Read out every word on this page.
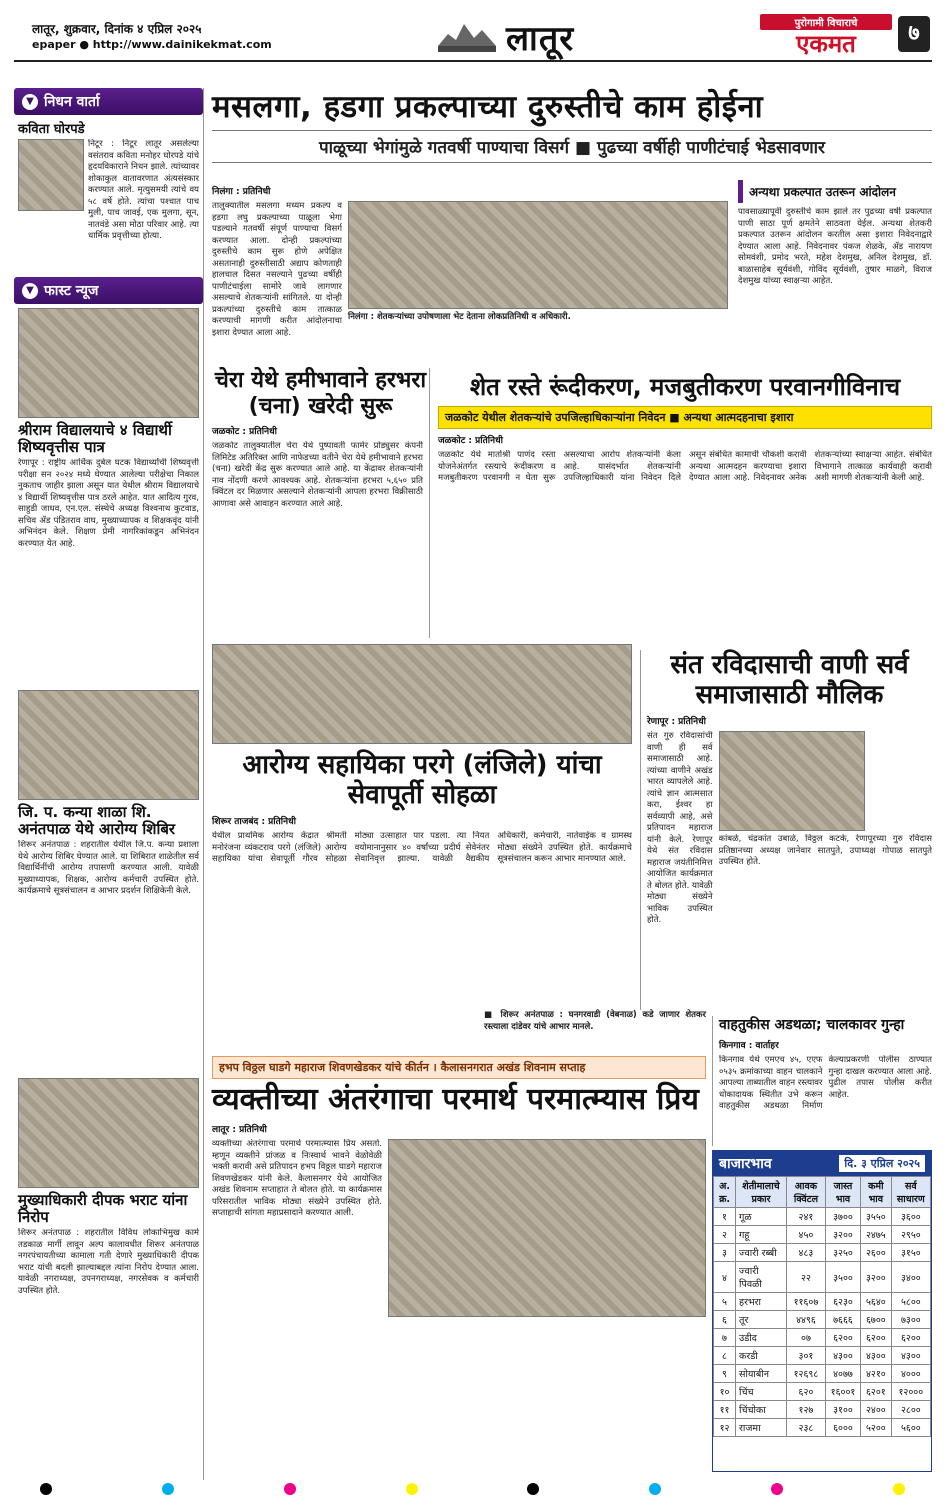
लातूर, शुक्रवार, दिनांक ४ एप्रिल २०२५
epaper ● http://www.dainikekmat.com	लातूर	पुरोगामी विचाराचे
एकमत	७
▼ निधन वार्ता
कविता घोरपडे
निटूर : निटूर लातूर असलेल्या वसंतराव कविता मनोहर घोरपडे यांचे हृदयविकाराने निधन झाले. त्यांच्यावर शोकाकुल वातावरणात अंत्यसंस्कार करण्यात आले. मृत्युसमयी त्यांचे वय ५८ वर्षे होते. त्यांचा पश्चात पाच मुली, पाच जावई, एक मुलगा, सून, नातवंडे असा मोठा परिवार आहे. त्या धार्मिक प्रवृत्तीच्या होत्या.
▼ फास्ट न्यूज
श्रीराम विद्यालयाचे ४ विद्यार्थी शिष्यवृत्तीस पात्र
रेणापूर : राष्ट्रीय आर्थिक दुर्बल घटक विद्यार्थ्यांची शिष्यवृत्ती परीक्षा सन २०२४ मध्ये घेण्यात आलेल्या परीक्षेचा निकाल नुकताच जाहीर झाला असून यात येथील श्रीराम विद्यालयाचे ४ विद्यार्थी शिष्यवृत्तीस पात्र ठरले आहेत. यात आदित्य गुरव, साहुडी जाधव, एन.एल. संस्थेचे अध्यक्ष विश्वनाथ कुटवाड, सचिव ॲड पंडितराव वाघ, मुख्याध्यापक व शिक्षकवृंद यांनी अभिनंदन केले. शिक्षण प्रेमी नागरिकांकडून अभिनंदन करण्यात येत आहे.
जि. प. कन्या शाळा शि. अनंतपाळ येथे आरोग्य शिबिर
शिरूर अनंतपाळ : शहरातील येथील जि.प. कन्या प्रशाला येथे आरोग्य शिबिर घेण्यात आले. या शिबिरात शाळेतील सर्व विद्यार्थिनींची आरोग्य तपासणी करण्यात आली. यावेळी मुख्याध्यापक, शिक्षक, आरोग्य कर्मचारी उपस्थित होते. कार्यक्रमाचे सूत्रसंचालन व आभार प्रदर्शन शिक्षिकेनी केले.
मुख्याधिकारी दीपक भराट यांना निरोप
शिरूर अनंतपाळ : शहरातील विविध लोकाभिमुख कामे तडकाळ मार्गी लावून अल्प कालावधीत शिरूर अनंतपाळ नगरपंचायतीच्या कामाला गती देणारे मुख्याधिकारी दीपक भराट यांची बदली झाल्याबद्दल त्यांना निरोप देण्यात आला. यावेळी नगराध्यक्ष, उपनगराध्यक्ष, नगरसेवक व कर्मचारी उपस्थित होते.
मसलगा, हडगा प्रकल्पाच्या दुरुस्तीचे काम होईना
पाळूच्या भेगांमुळे गतवर्षी पाण्याचा विसर्ग ■ पुढच्या वर्षीही पाणीटंचाई भेडसावणार
निलंगा : प्रतिनिधी
तालुक्यातील मसलगा मध्यम प्रकल्प व हडगा लघु प्रकल्पाच्या पाळूला भेगा पडल्याने गतवर्षी संपूर्ण पाण्याचा विसर्ग करण्यात आला. दोन्ही प्रकल्पांच्या दुरुस्तीचे काम सुरू होणे अपेक्षित असतानाही दुरुस्तीसाठी अद्याप कोणताही हालचाल दिसत नसल्याने पुढच्या वर्षीही पाणीटंचाईला सामोरे जावे लागणार असल्याचे शेतकऱ्यांनी सांगितले. या दोन्ही प्रकल्पांच्या दुरुस्तीचे काम तात्काळ करण्याची मागणी करीत आंदोलनाचा इशारा देण्यात आला आहे.
निलंगा : शेतकऱ्यांच्या उपोषणाला भेट देताना लोकप्रतिनिधी व अधिकारी.
अन्यथा प्रकल्पात उतरून आंदोलन
पावसाळ्यापूर्वी दुरुस्तीचे काम झाले तर पुढच्या वर्षी प्रकल्पात पाणी साठा पूर्ण क्षमतेने साठवता येईल. अन्यथा शेतकरी प्रकल्पात उतरून आंदोलन करतील असा इशारा निवेदनाद्वारे देण्यात आला आहे. निवेदनावर पंकज शेळके, ॲड नारायण सोमवंशी, प्रमोद भरते, महेश देशमुख, अनिल देशमुख, डॉ. बाळासाहेब सूर्यवंशी, गोविंद सूर्यवंशी, तुषार माळगे, विराज देशमुख यांच्या स्वाक्षऱ्या आहेत.
चेरा येथे हमीभावाने हरभरा (चना) खरेदी सुरू
जळकोट : प्रतिनिधी
जळकोट तालुक्यातील चेरा येथे पुष्पावती फार्मर प्रोड्युसर कंपनी लिमिटेड अतिरिक्त आणि नाफेडच्या वतीने चेरा येथे हमीभावाने हरभरा (चना) खरेदी केंद्र सुरू करण्यात आले आहे. या केंद्रावर शेतकऱ्यांनी नाव नोंदणी करणे आवश्यक आहे. शेतकऱ्यांना हरभरा ५,६५० प्रति क्विंटल दर मिळणार असल्याने शेतकऱ्यांनी आपला हरभरा विक्रीसाठी आणावा असे आवाहन करण्यात आले आहे.
शेत रस्ते रूंदीकरण, मजबुतीकरण परवानगीविनाच
जळकोट येथील शेतकऱ्यांचे उपजिल्हाधिकाऱ्यांना निवेदन ■ अन्यथा आत्मदहनाचा इशारा
जळकोट : प्रतिनिधी
जळकोट येथे मातोश्री पाणंद रस्ता योजनेअंतर्गत रस्त्याचे रूंदीकरण व मजबुतीकरण परवानगी न घेता सुरू असल्याचा आरोप शेतकऱ्यांनी केला आहे. यासंदर्भात शेतकऱ्यांनी उपजिल्हाधिकारी यांना निवेदन दिले असून संबंधित कामाची चौकशी करावी अन्यथा आत्मदहन करण्याचा इशारा देण्यात आला आहे. निवेदनावर अनेक शेतकऱ्यांच्या स्वाक्षऱ्या आहेत. संबंधित विभागाने तात्काळ कार्यवाही करावी अशी मागणी शेतकऱ्यांनी केली आहे.
आरोग्य सहायिका परगे (लंजिले) यांचा सेवापूर्ती सोहळा
शिरूर ताजबंद : प्रतिनिधी
येथील प्राथमिक आरोग्य केंद्रात श्रीमती मनोरंजना व्यंकटराव परगे (लंजिले) आरोग्य सहायिका यांचा सेवापूर्ती गौरव सोहळा मोठ्या उत्साहात पार पडला. त्या नियत वयोमानानुसार ४० वर्षांच्या प्रदीर्घ सेवेनंतर सेवानिवृत्त झाल्या. यावेळी वैद्यकीय अधिकारी, कर्मचारी, नातेवाईक व ग्रामस्थ मोठ्या संख्येने उपस्थित होते. कार्यक्रमाचे सूत्रसंचालन करून आभार मानण्यात आले.
संत रविदासाची वाणी सर्व समाजासाठी मौलिक
रेणापूर : प्रतिनिधी
संत गुरु रविदासांची वाणी ही सर्व समाजासाठी आहे. त्यांच्या वाणीने अखंड भारत व्यापलेले आहे. त्यांचे ज्ञान आत्मसात करा, ईश्वर हा सर्वव्यापी आहे, असे प्रतिपादन महाराज यांनी केले. रेणापूर येथे संत रविदास महाराज जयंतीनिमित्त आयोजित कार्यक्रमात ते बोलत होते. यावेळी मोठ्या संख्येने भाविक उपस्थित होते.
कांबळे, चंद्रकांत उबाळे, विठ्ठल कटके, रेणापूरच्या गुरु रविदास प्रतिष्ठानच्या अध्यक्ष जानेवार सातपुते, उपाध्यक्ष गोपाळ सातपुते उपस्थित होते.
■ शिरूर अनंतपाळ : घनगरवाडी (वेबनाळ) कडे जाणार शेतकर रस्त्याला दांडेवर यांचे आभार मानले.	वाहतुकीस अडथळा; चालकावर गुन्हा
किनगाव : वार्ताहर
किनगाव येथे एमएच ४५, एएफ ०५३५ क्रमांकाच्या वाहन चालकाने आपल्या ताब्यातील वाहन रस्त्यावर धोकादायक स्थितीत उभे करून वाहतुकीस अडथळा निर्माण केल्याप्रकरणी पोलीस ठाण्यात गुन्हा दाखल करण्यात आला आहे. पुढील तपास पोलीस करीत आहेत.
हभप विठ्ठल घाडगे महाराज शिवणखेडकर यांचे कीर्तन । कैलासनगरात अखंड शिवनाम सप्ताह
व्यक्तीच्या अंतरंगाचा परमार्थ परमात्म्यास प्रिय
लातूर : प्रतिनिधी
व्यक्तीच्या अंतरंगाचा परमार्थ परमात्म्यास प्रिय असतो. म्हणून व्यक्तीने प्रांजळ व निःस्वार्थ भावने वेळोवेळी भक्ती करावी असे प्रतिपादन हभप विठ्ठल घाडगे महाराज शिवणखेडकर यांनी केले. कैलासनगर येथे आयोजित अखंड शिवनाम सप्ताहात ते बोलत होते. या कार्यक्रमास परिसरातील भाविक मोठ्या संख्येने उपस्थित होते. सप्ताहाची सांगता महाप्रसादाने करण्यात आली.
बाजारभाव	दि. ३ एप्रिल २०२५
अ. क्र.	शेतीमालाचे प्रकार	आवक क्विंटल	जास्त भाव	कमी भाव	सर्व साधारण
१	गूळ	२४१	३७००	३५५०	३६००
२	गहू	४५०	३२००	२४७५	२९५०
३	ज्वारी रब्बी	४८३	३२५०	२६००	३१५०
४	ज्वारी पिवळी	२२	३५००	३२००	३४००
५	हरभरा	११६०७	६२३०	५६४०	५८००
६	तूर	४४९६	७६६६	६७००	७३००
७	उडीद	०७	६२००	६२००	६२००
८	करडी	३०१	४३००	४३००	४३००
९	सोयाबीन	१२६९८	४०७७	४२१०	४०००
१०	चिंच	६२०	१६००१	६२०१	१२०००
११	चिंचोका	१२७	३१००	२४००	२८००
१२	राजमा	२३८	६०००	५२००	५६००
